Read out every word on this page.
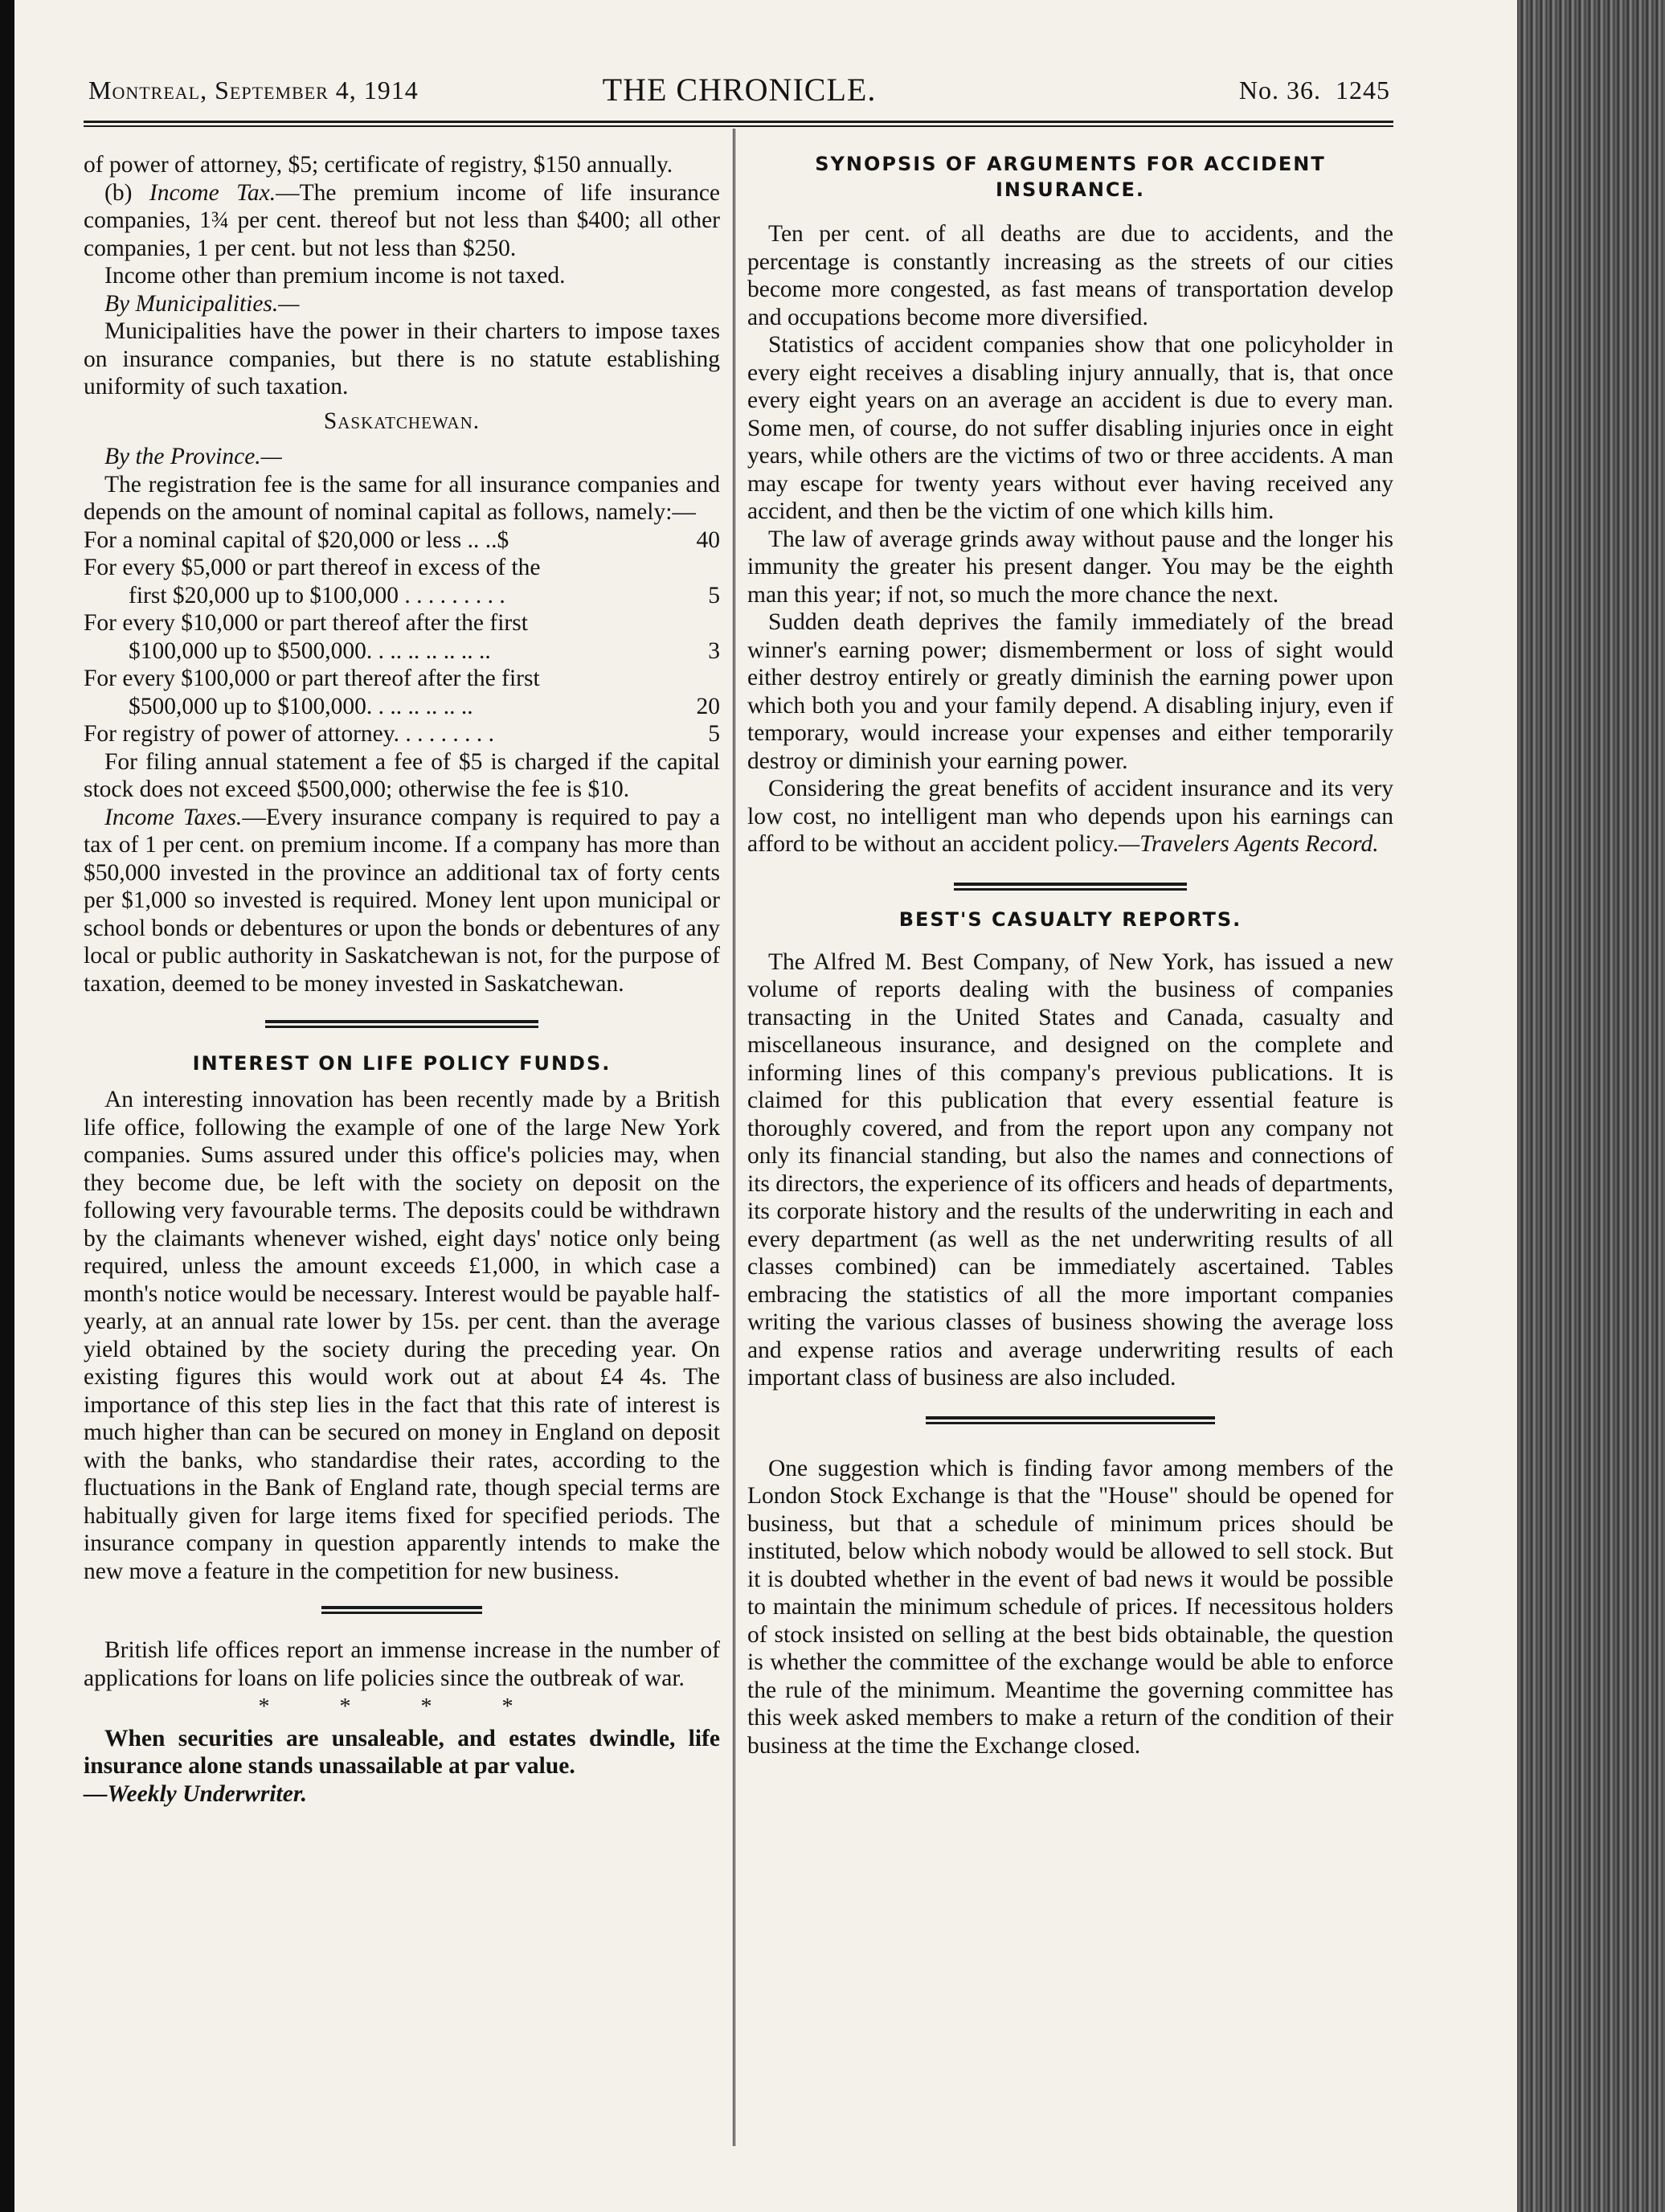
Montreal, September 4, 1914	THE CHRONICLE.	No. 36. 1245

of power of attorney, $5; certificate of registry, $150 annually.

(b) Income Tax.—The premium income of life insurance companies, 1¾ per cent. thereof but not less than $400; all other companies, 1 per cent. but not less than $250.

Income other than premium income is not taxed.

By Municipalities.—

Municipalities have the power in their charters to impose taxes on insurance companies, but there is no statute establishing uniformity of such taxation.

Saskatchewan.

By the Province.—

The registration fee is the same for all insurance companies and depends on the amount of nominal capital as follows, namely:—

For a nominal capital of $20,000 or less .. ..$	40
For every $5,000 or part thereof in excess of the
first $20,000 up to $100,000 . . . . . . . . .	5
For every $10,000 or part thereof after the first
$100,000 up to $500,000. . .. .. .. .. .. ..	3
For every $100,000 or part thereof after the first
$500,000 up to $100,000. . .. .. .. .. ..	20
For registry of power of attorney. . . . . . . . .	5

For filing annual statement a fee of $5 is charged if the capital stock does not exceed $500,000; otherwise the fee is $10.

Income Taxes.—Every insurance company is required to pay a tax of 1 per cent. on premium income. If a company has more than $50,000 invested in the province an additional tax of forty cents per $1,000 so invested is required. Money lent upon municipal or school bonds or debentures or upon the bonds or debentures of any local or public authority in Saskatchewan is not, for the purpose of taxation, deemed to be money invested in Saskatchewan.

INTEREST ON LIFE POLICY FUNDS.

An interesting innovation has been recently made by a British life office, following the example of one of the large New York companies. Sums assured under this office's policies may, when they become due, be left with the society on deposit on the following very favourable terms. The deposits could be withdrawn by the claimants whenever wished, eight days' notice only being required, unless the amount exceeds £1,000, in which case a month's notice would be necessary. Interest would be payable half-yearly, at an annual rate lower by 15s. per cent. than the average yield obtained by the society during the preceding year. On existing figures this would work out at about £4 4s. The importance of this step lies in the fact that this rate of interest is much higher than can be secured on money in England on deposit with the banks, who standardise their rates, according to the fluctuations in the Bank of England rate, though special terms are habitually given for large items fixed for specified periods. The insurance company in question apparently intends to make the new move a feature in the competition for new business.

British life offices report an immense increase in the number of applications for loans on life policies since the outbreak of war.

* * * *

When securities are unsaleable, and estates dwindle, life insurance alone stands unassailable at par value.
—Weekly Underwriter.

SYNOPSIS OF ARGUMENTS FOR ACCIDENT
INSURANCE.

Ten per cent. of all deaths are due to accidents, and the percentage is constantly increasing as the streets of our cities become more congested, as fast means of transportation develop and occupations become more diversified.

Statistics of accident companies show that one policyholder in every eight receives a disabling injury annually, that is, that once every eight years on an average an accident is due to every man. Some men, of course, do not suffer disabling injuries once in eight years, while others are the victims of two or three accidents. A man may escape for twenty years without ever having received any accident, and then be the victim of one which kills him.

The law of average grinds away without pause and the longer his immunity the greater his present danger. You may be the eighth man this year; if not, so much the more chance the next.

Sudden death deprives the family immediately of the bread winner's earning power; dismemberment or loss of sight would either destroy entirely or greatly diminish the earning power upon which both you and your family depend. A disabling injury, even if temporary, would increase your expenses and either temporarily destroy or diminish your earning power.

Considering the great benefits of accident insurance and its very low cost, no intelligent man who depends upon his earnings can afford to be without an accident policy.—Travelers Agents Record.

BEST'S CASUALTY REPORTS.

The Alfred M. Best Company, of New York, has issued a new volume of reports dealing with the business of companies transacting in the United States and Canada, casualty and miscellaneous insurance, and designed on the complete and informing lines of this company's previous publications. It is claimed for this publication that every essential feature is thoroughly covered, and from the report upon any company not only its financial standing, but also the names and connections of its directors, the experience of its officers and heads of departments, its corporate history and the results of the underwriting in each and every department (as well as the net underwriting results of all classes combined) can be immediately ascertained. Tables embracing the statistics of all the more important companies writing the various classes of business showing the average loss and expense ratios and average underwriting results of each important class of business are also included.

One suggestion which is finding favor among members of the London Stock Exchange is that the "House" should be opened for business, but that a schedule of minimum prices should be instituted, below which nobody would be allowed to sell stock. But it is doubted whether in the event of bad news it would be possible to maintain the minimum schedule of prices. If necessitous holders of stock insisted on selling at the best bids obtainable, the question is whether the committee of the exchange would be able to enforce the rule of the minimum. Meantime the governing committee has this week asked members to make a return of the condition of their business at the time the Exchange closed.
